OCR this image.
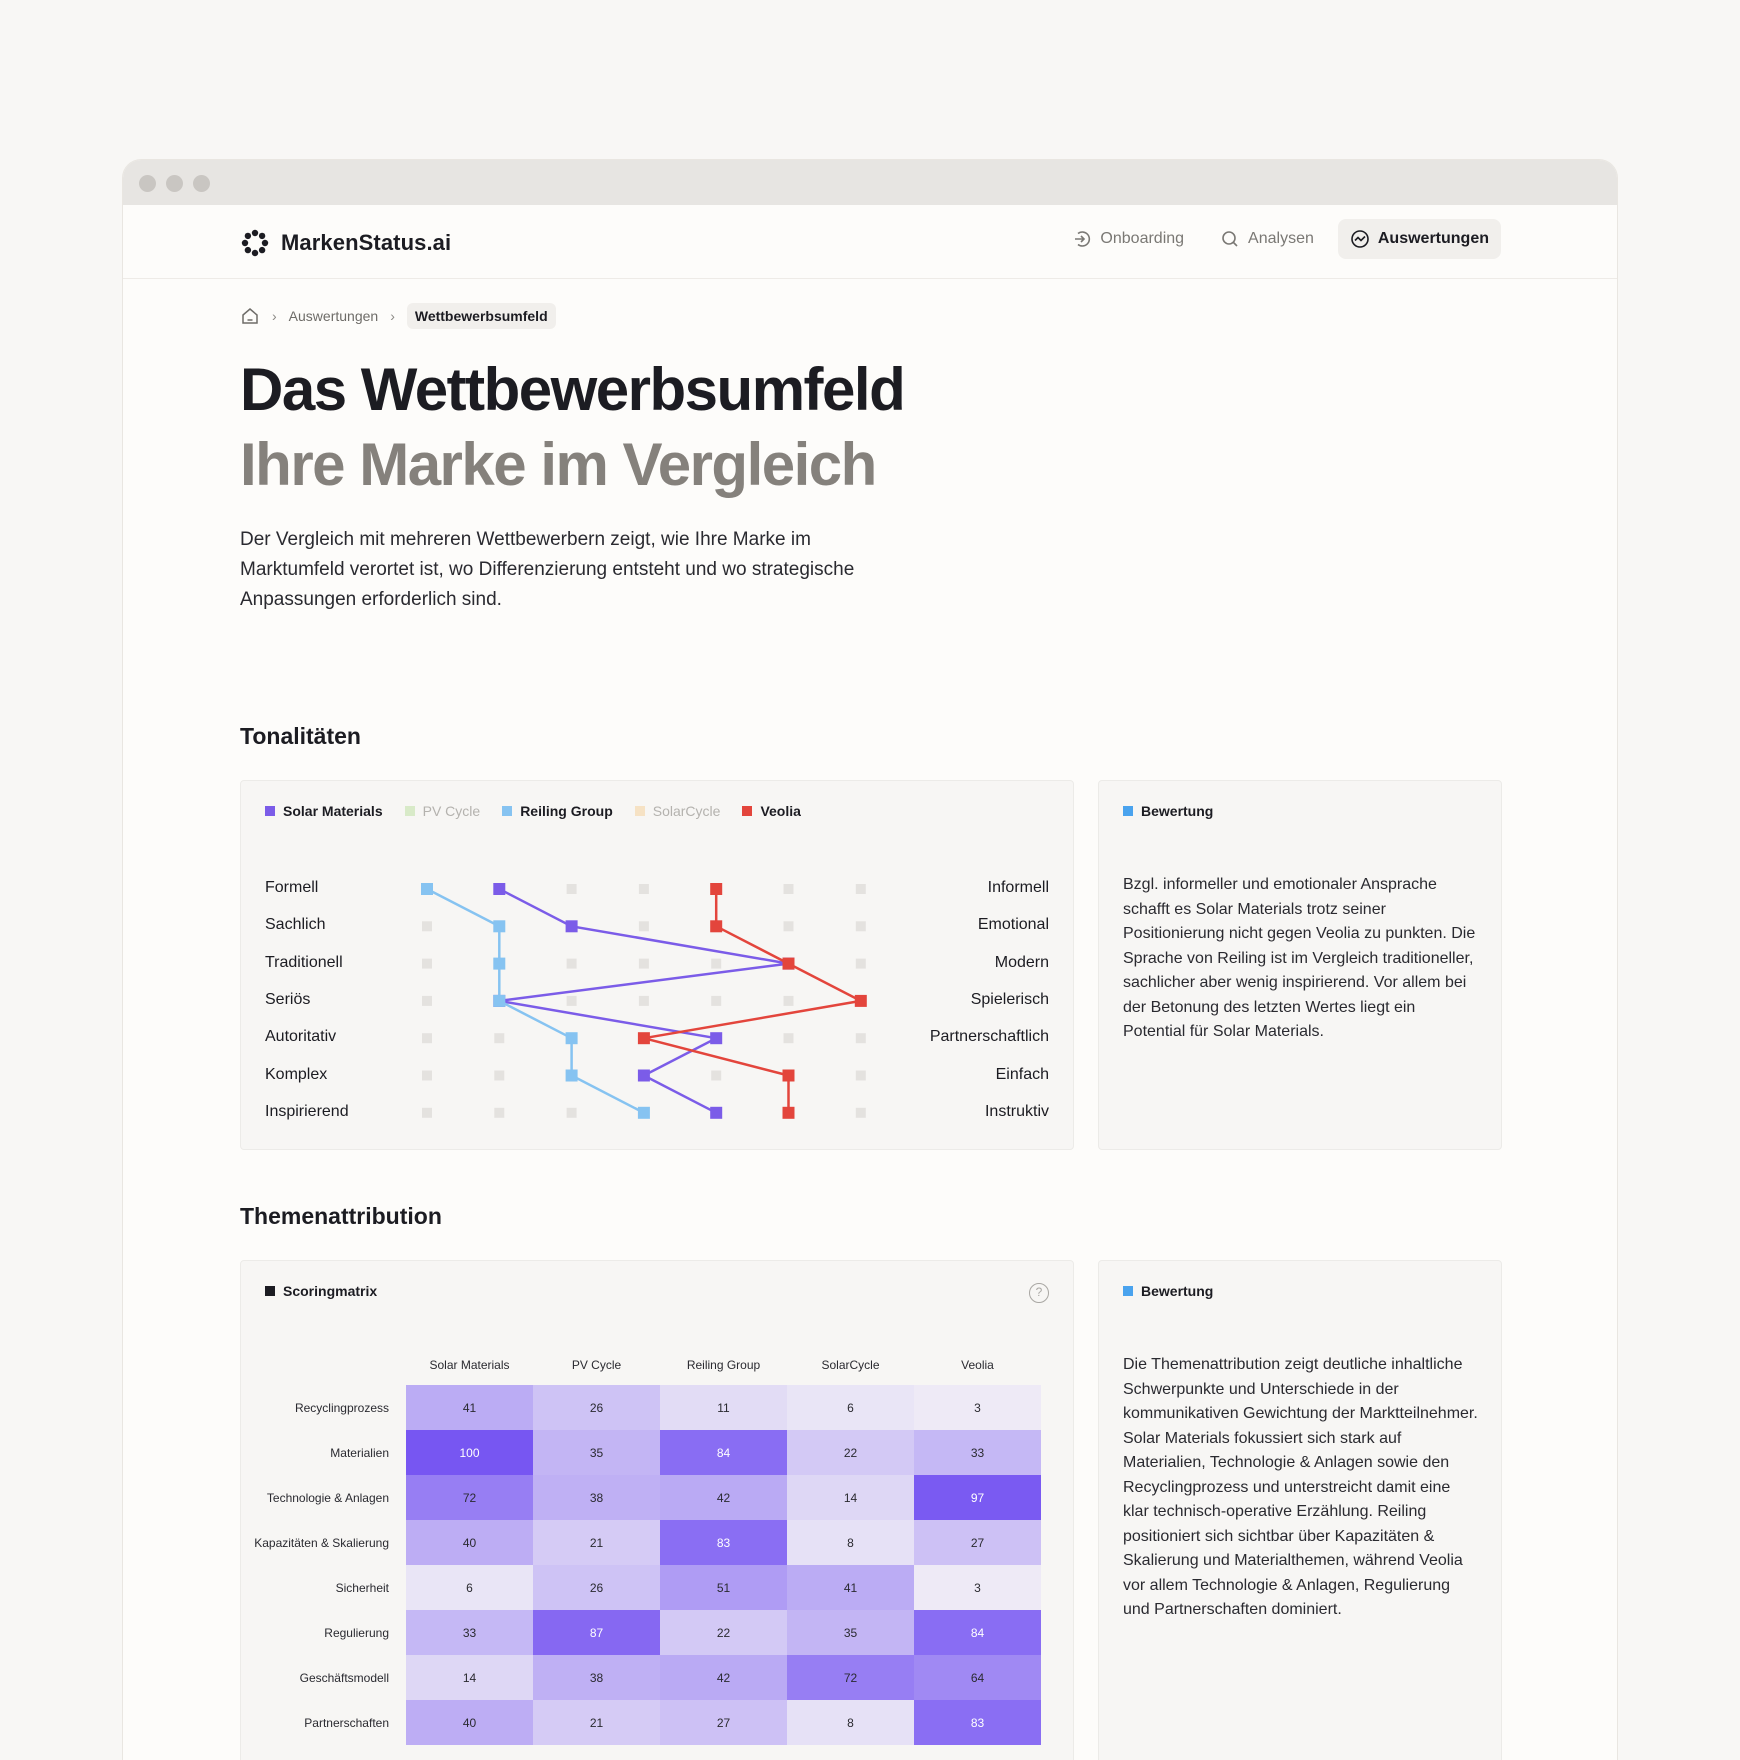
MarkenStatus.ai	Onboarding	Analysen	Auswertungen
› Auswertungen ›	Wettbewerbsumfeld
Das Wettbewerbsumfeld
Ihre Marke im Vergleich

Der Vergleich mit mehreren Wettbewerbern zeigt, wie Ihre Marke im Marktumfeld verortet ist, wo Differenzierung entsteht und wo strategische Anpassungen erforderlich sind.

Tonalitäten
Solar Materials	PV Cycle	Reiling Group	SolarCycle	Veolia
Formell
Sachlich
Traditionell
Seriös
Autoritativ
Komplex
Inspirierend
Informell
Emotional
Modern
Spielerisch
Partnerschaftlich
Einfach
Instruktiv
Bewertung

Bzgl. informeller und emotionaler Ansprache schafft es Solar Materials trotz seiner Positionierung nicht gegen Veolia zu punkten. Die Sprache von Reiling ist im Vergleich traditioneller, sachlicher aber wenig inspirierend. Vor allem bei der Betonung des letzten Wertes liegt ein Potential für Solar Materials.

Themenattribution
Scoringmatrix	?
	Solar Materials	PV Cycle	Reiling Group	SolarCycle	Veolia
Recyclingprozess	41	26	11	6	3
Materialien	100	35	84	22	33
Technologie & Anlagen	72	38	42	14	97
Kapazitäten & Skalierung	40	21	83	8	27
Sicherheit	6	26	51	41	3
Regulierung	33	87	22	35	84
Geschäftsmodell	14	38	42	72	64
Partnerschaften	40	21	27	8	83
Bewertung

Die Themenattribution zeigt deutliche inhaltliche Schwerpunkte und Unterschiede in der kommunikativen Gewichtung der Marktteilnehmer. Solar Materials fokussiert sich stark auf Materialien, Technologie & Anlagen sowie den Recyclingprozess und unterstreicht damit eine klar technisch-operative Erzählung. Reiling positioniert sich sichtbar über Kapazitäten & Skalierung und Materialthemen, während Veolia vor allem Technologie & Anlagen, Regulierung und Partnerschaften dominiert.
